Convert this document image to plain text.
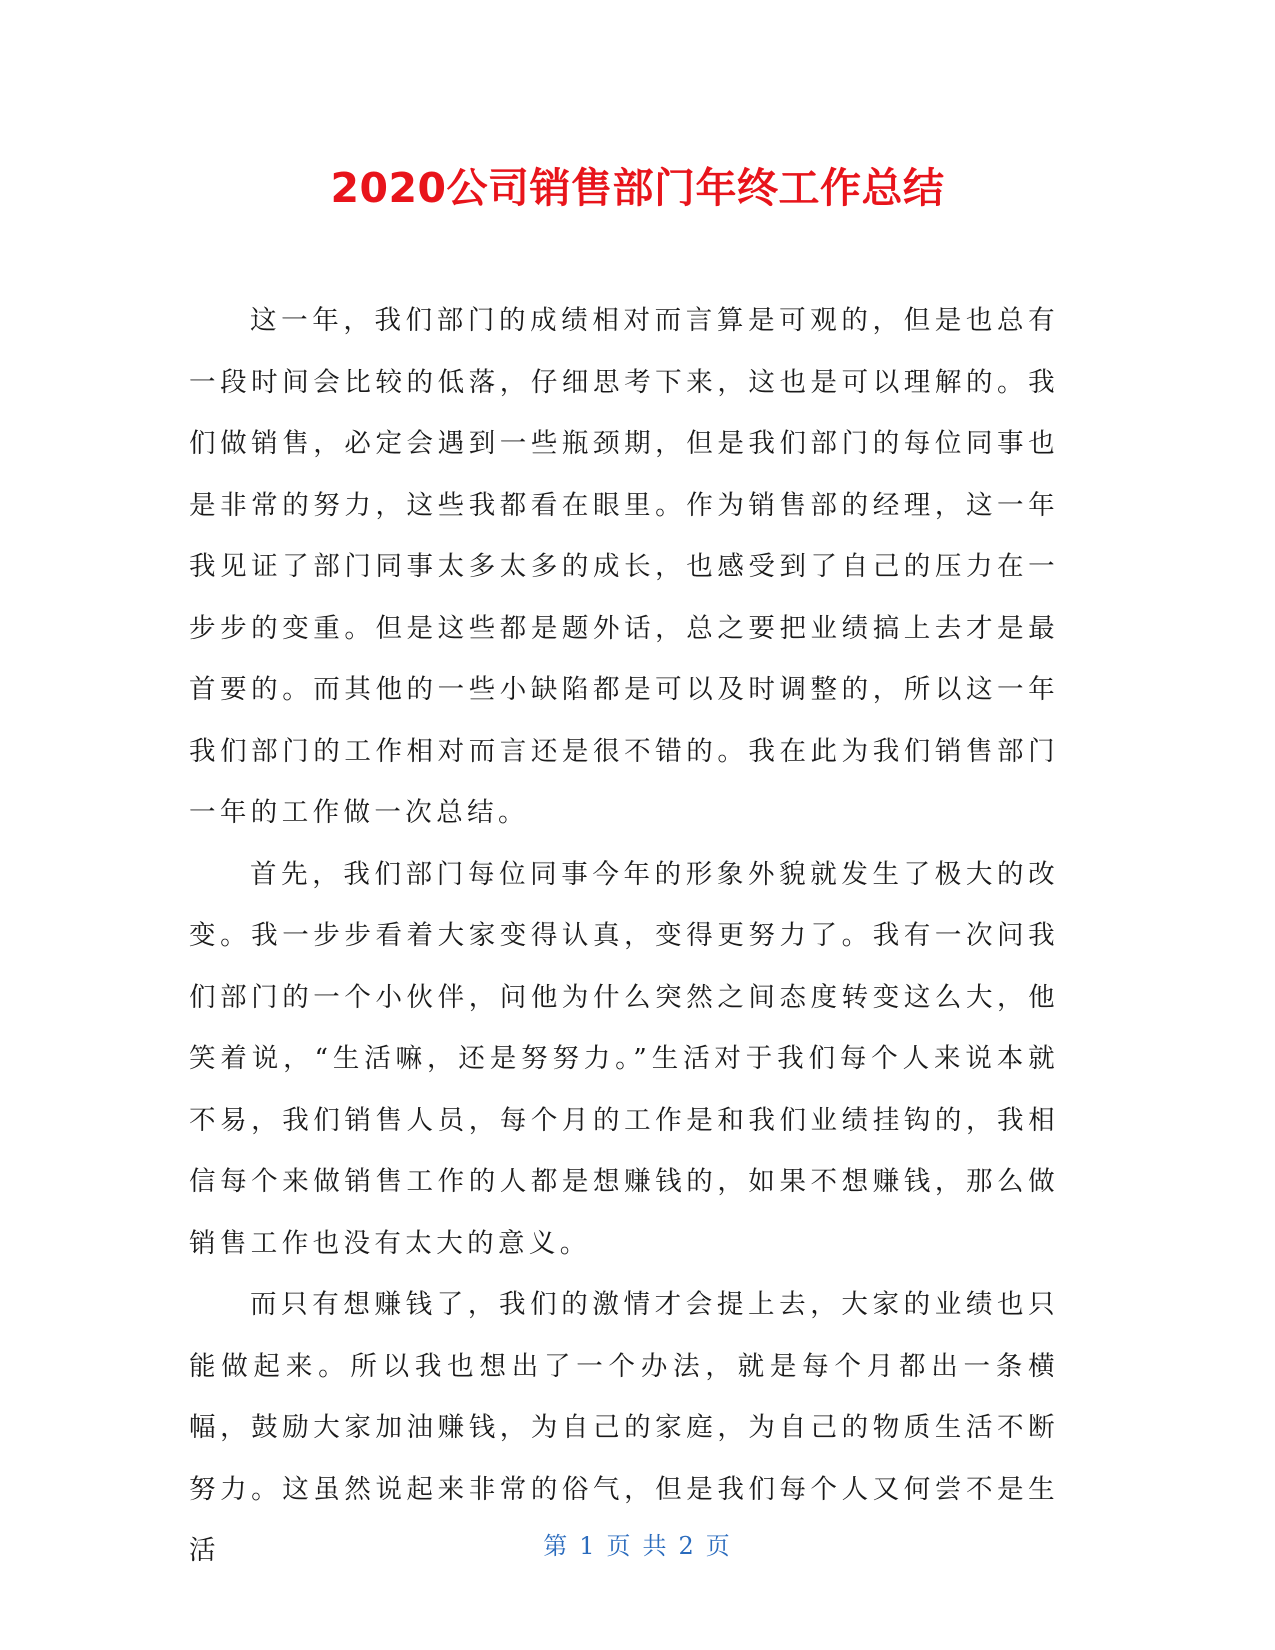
2020公司销售部门年终工作总结

这一年，我们部门的成绩相对而言算是可观的，但是也总有一段时间会比较的低落，仔细思考下来，这也是可以理解的。我们做销售，必定会遇到一些瓶颈期，但是我们部门的每位同事也是非常的努力，这些我都看在眼里。作为销售部的经理，这一年我见证了部门同事太多太多的成长，也感受到了自己的压力在一步步的变重。但是这些都是题外话，总之要把业绩搞上去才是最首要的。而其他的一些小缺陷都是可以及时调整的，所以这一年我们部门的工作相对而言还是很不错的。我在此为我们销售部门一年的工作做一次总结。

首先，我们部门每位同事今年的形象外貌就发生了极大的改变。我一步步看着大家变得认真，变得更努力了。我有一次问我们部门的一个小伙伴，问他为什么突然之间态度转变这么大，他笑着说，“生活嘛，还是努努力。”生活对于我们每个人来说本就不易，我们销售人员，每个月的工作是和我们业绩挂钩的，我相信每个来做销售工作的人都是想赚钱的，如果不想赚钱，那么做销售工作也没有太大的意义。

而只有想赚钱了，我们的激情才会提上去，大家的业绩也只能做起来。所以我也想出了一个办法，就是每个月都出一条横幅，鼓励大家加油赚钱，为自己的家庭，为自己的物质生活不断努力。这虽然说起来非常的俗气，但是我们每个人又何尝不是生活	第 1 页 共 2 页
